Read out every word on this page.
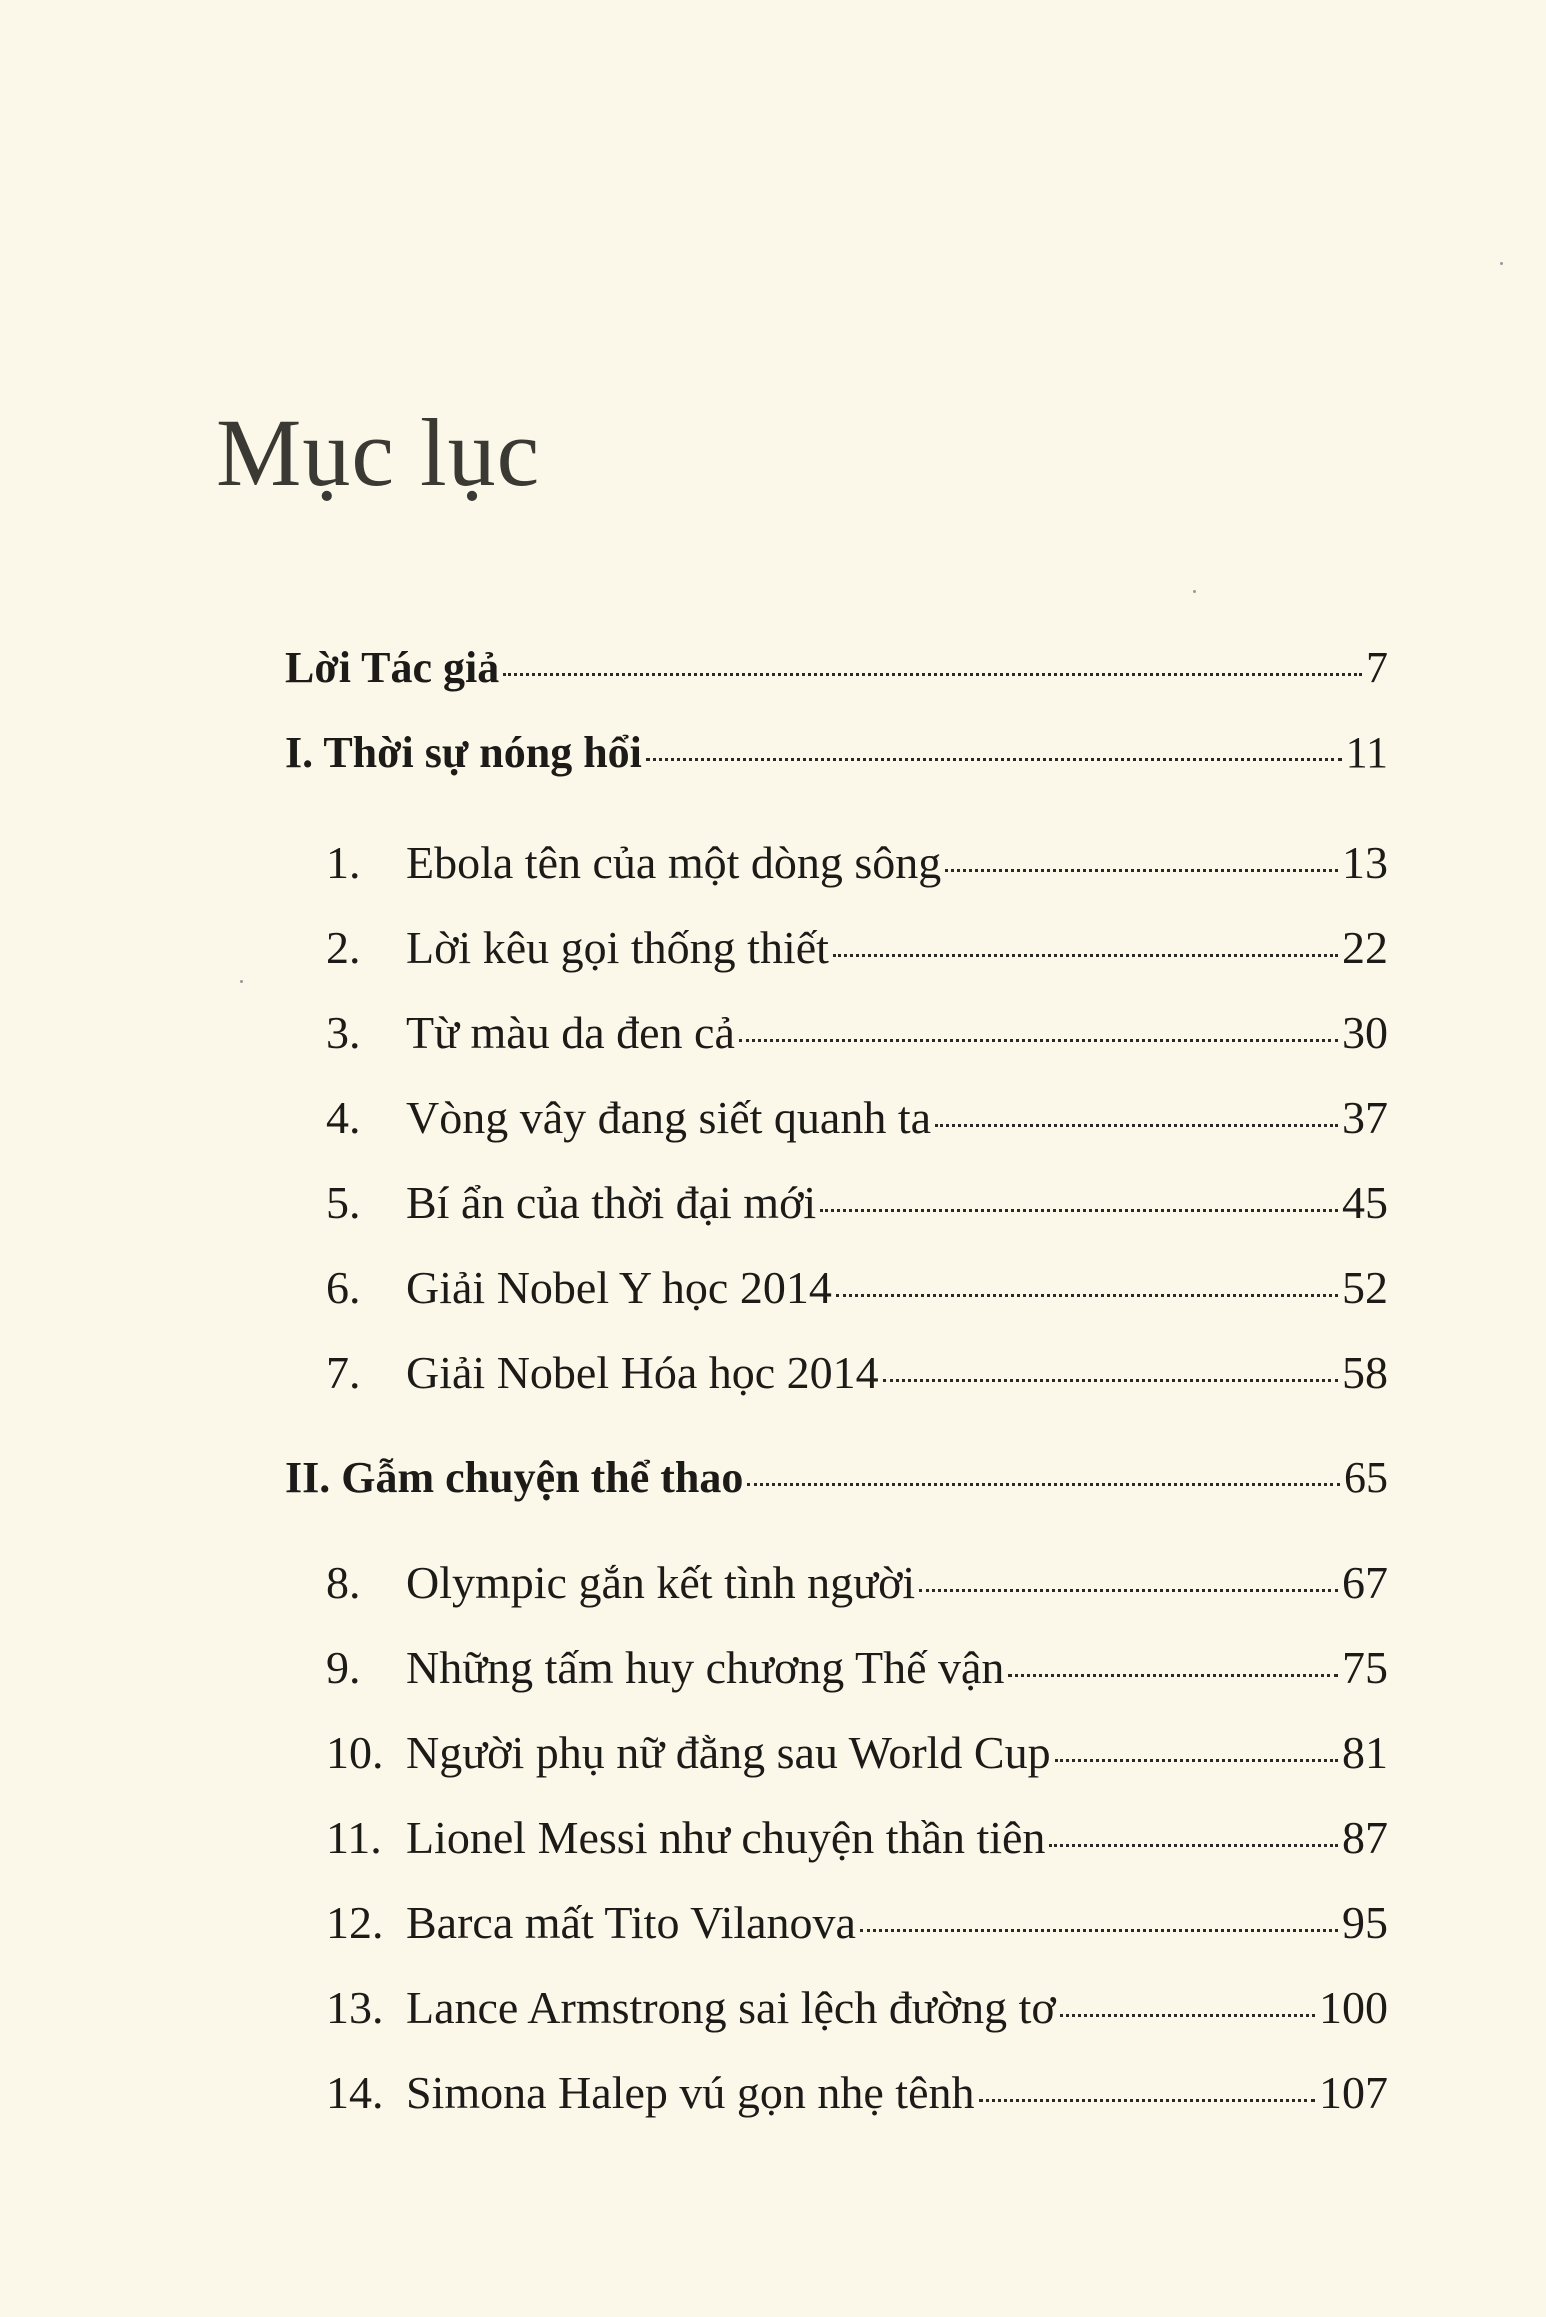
Mục lục
Lời Tác giả	7
I. Thời sự nóng hổi	11
1. Ebola tên của một dòng sông	13
2. Lời kêu gọi thống thiết	22
3. Từ màu da đen cả	30
4. Vòng vây đang siết quanh ta	37
5. Bí ẩn của thời đại mới	45
6. Giải Nobel Y học 2014	52
7. Giải Nobel Hóa học 2014	58
II. Gẫm chuyện thể thao	65
8. Olympic gắn kết tình người	67
9. Những tấm huy chương Thế vận	75
10. Người phụ nữ đằng sau World Cup	81
11. Lionel Messi như chuyện thần tiên	87
12. Barca mất Tito Vilanova	95
13. Lance Armstrong sai lệch đường tơ	100
14. Simona Halep vú gọn nhẹ tênh	107
